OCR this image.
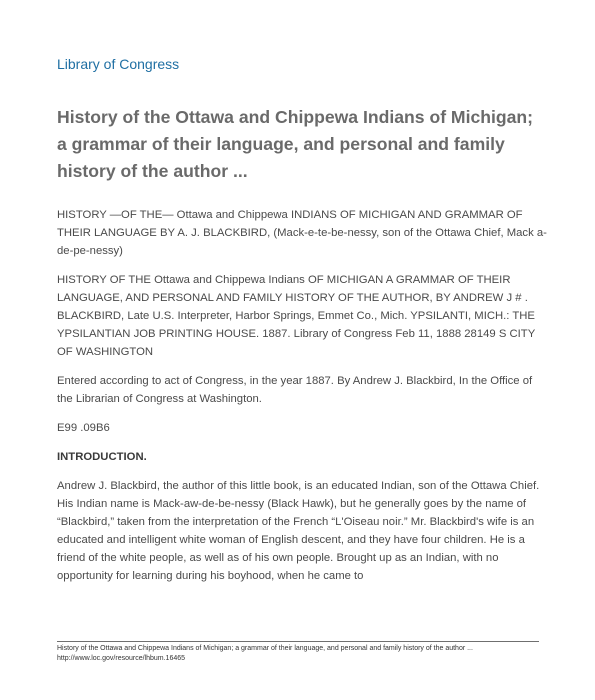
Library of Congress
History of the Ottawa and Chippewa Indians of Michigan; a grammar of their language, and personal and family history of the author ...

HISTORY —OF THE— Ottawa and Chippewa INDIANS OF MICHIGAN AND GRAMMAR OF THEIR LANGUAGE BY A. J. BLACKBIRD, (Mack-e-te-be-nessy, son of the Ottawa Chief, Mack a-de-pe-nessy)

HISTORY OF THE Ottawa and Chippewa Indians OF MICHIGAN A GRAMMAR OF THEIR LANGUAGE, AND PERSONAL AND FAMILY HISTORY OF THE AUTHOR, BY ANDREW J # . BLACKBIRD, Late U.S. Interpreter, Harbor Springs, Emmet Co., Mich. YPSILANTI, MICH.: THE YPSILANTIAN JOB PRINTING HOUSE. 1887. Library of Congress Feb 11, 1888 28149 S CITY OF WASHINGTON

Entered according to act of Congress, in the year 1887. By Andrew J. Blackbird, In the Office of the Librarian of Congress at Washington.

E99 .09B6

INTRODUCTION.

Andrew J. Blackbird, the author of this little book, is an educated Indian, son of the Ottawa Chief. His Indian name is Mack-aw-de-be-nessy (Black Hawk), but he generally goes by the name of “Blackbird,” taken from the interpretation of the French “L'Oiseau noir.” Mr. Blackbird's wife is an educated and intelligent white woman of English descent, and they have four children. He is a friend of the white people, as well as of his own people. Brought up as an Indian, with no opportunity for learning during his boyhood, when he came to

History of the Ottawa and Chippewa Indians of Michigan; a grammar of their language, and personal and family history of the author ...
http://www.loc.gov/resource/lhbum.16465
